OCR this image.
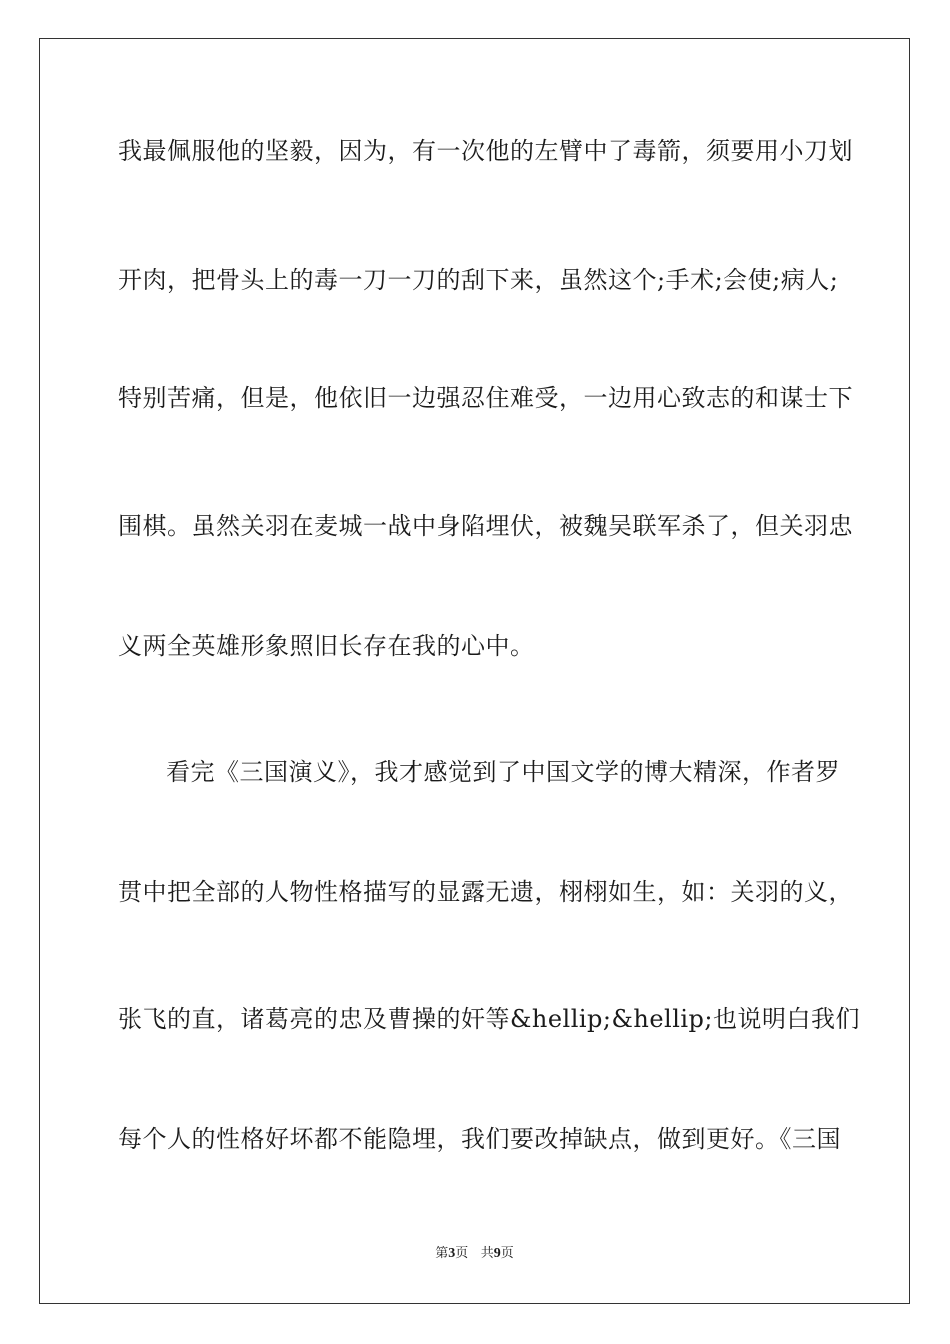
我最佩服他的坚毅，因为，有一次他的左臂中了毒箭，须要用小刀划
开肉，把骨头上的毒一刀一刀的刮下来，虽然这个;手术;会使;病人;
特别苦痛，但是，他依旧一边强忍住难受，一边用心致志的和谋士下
围棋。虽然关羽在麦城一战中身陷埋伏，被魏吴联军杀了，但关羽忠
义两全英雄形象照旧长存在我的心中。
看完《三国演义》，我才感觉到了中国文学的博大精深，作者罗
贯中把全部的人物性格描写的显露无遗，栩栩如生，如：关羽的义，
张飞的直，诸葛亮的忠及曹操的奸等&hellip;&hellip;也说明白我们
每个人的性格好坏都不能隐埋，我们要改掉缺点，做到更好。《三国
第3页 共9页
